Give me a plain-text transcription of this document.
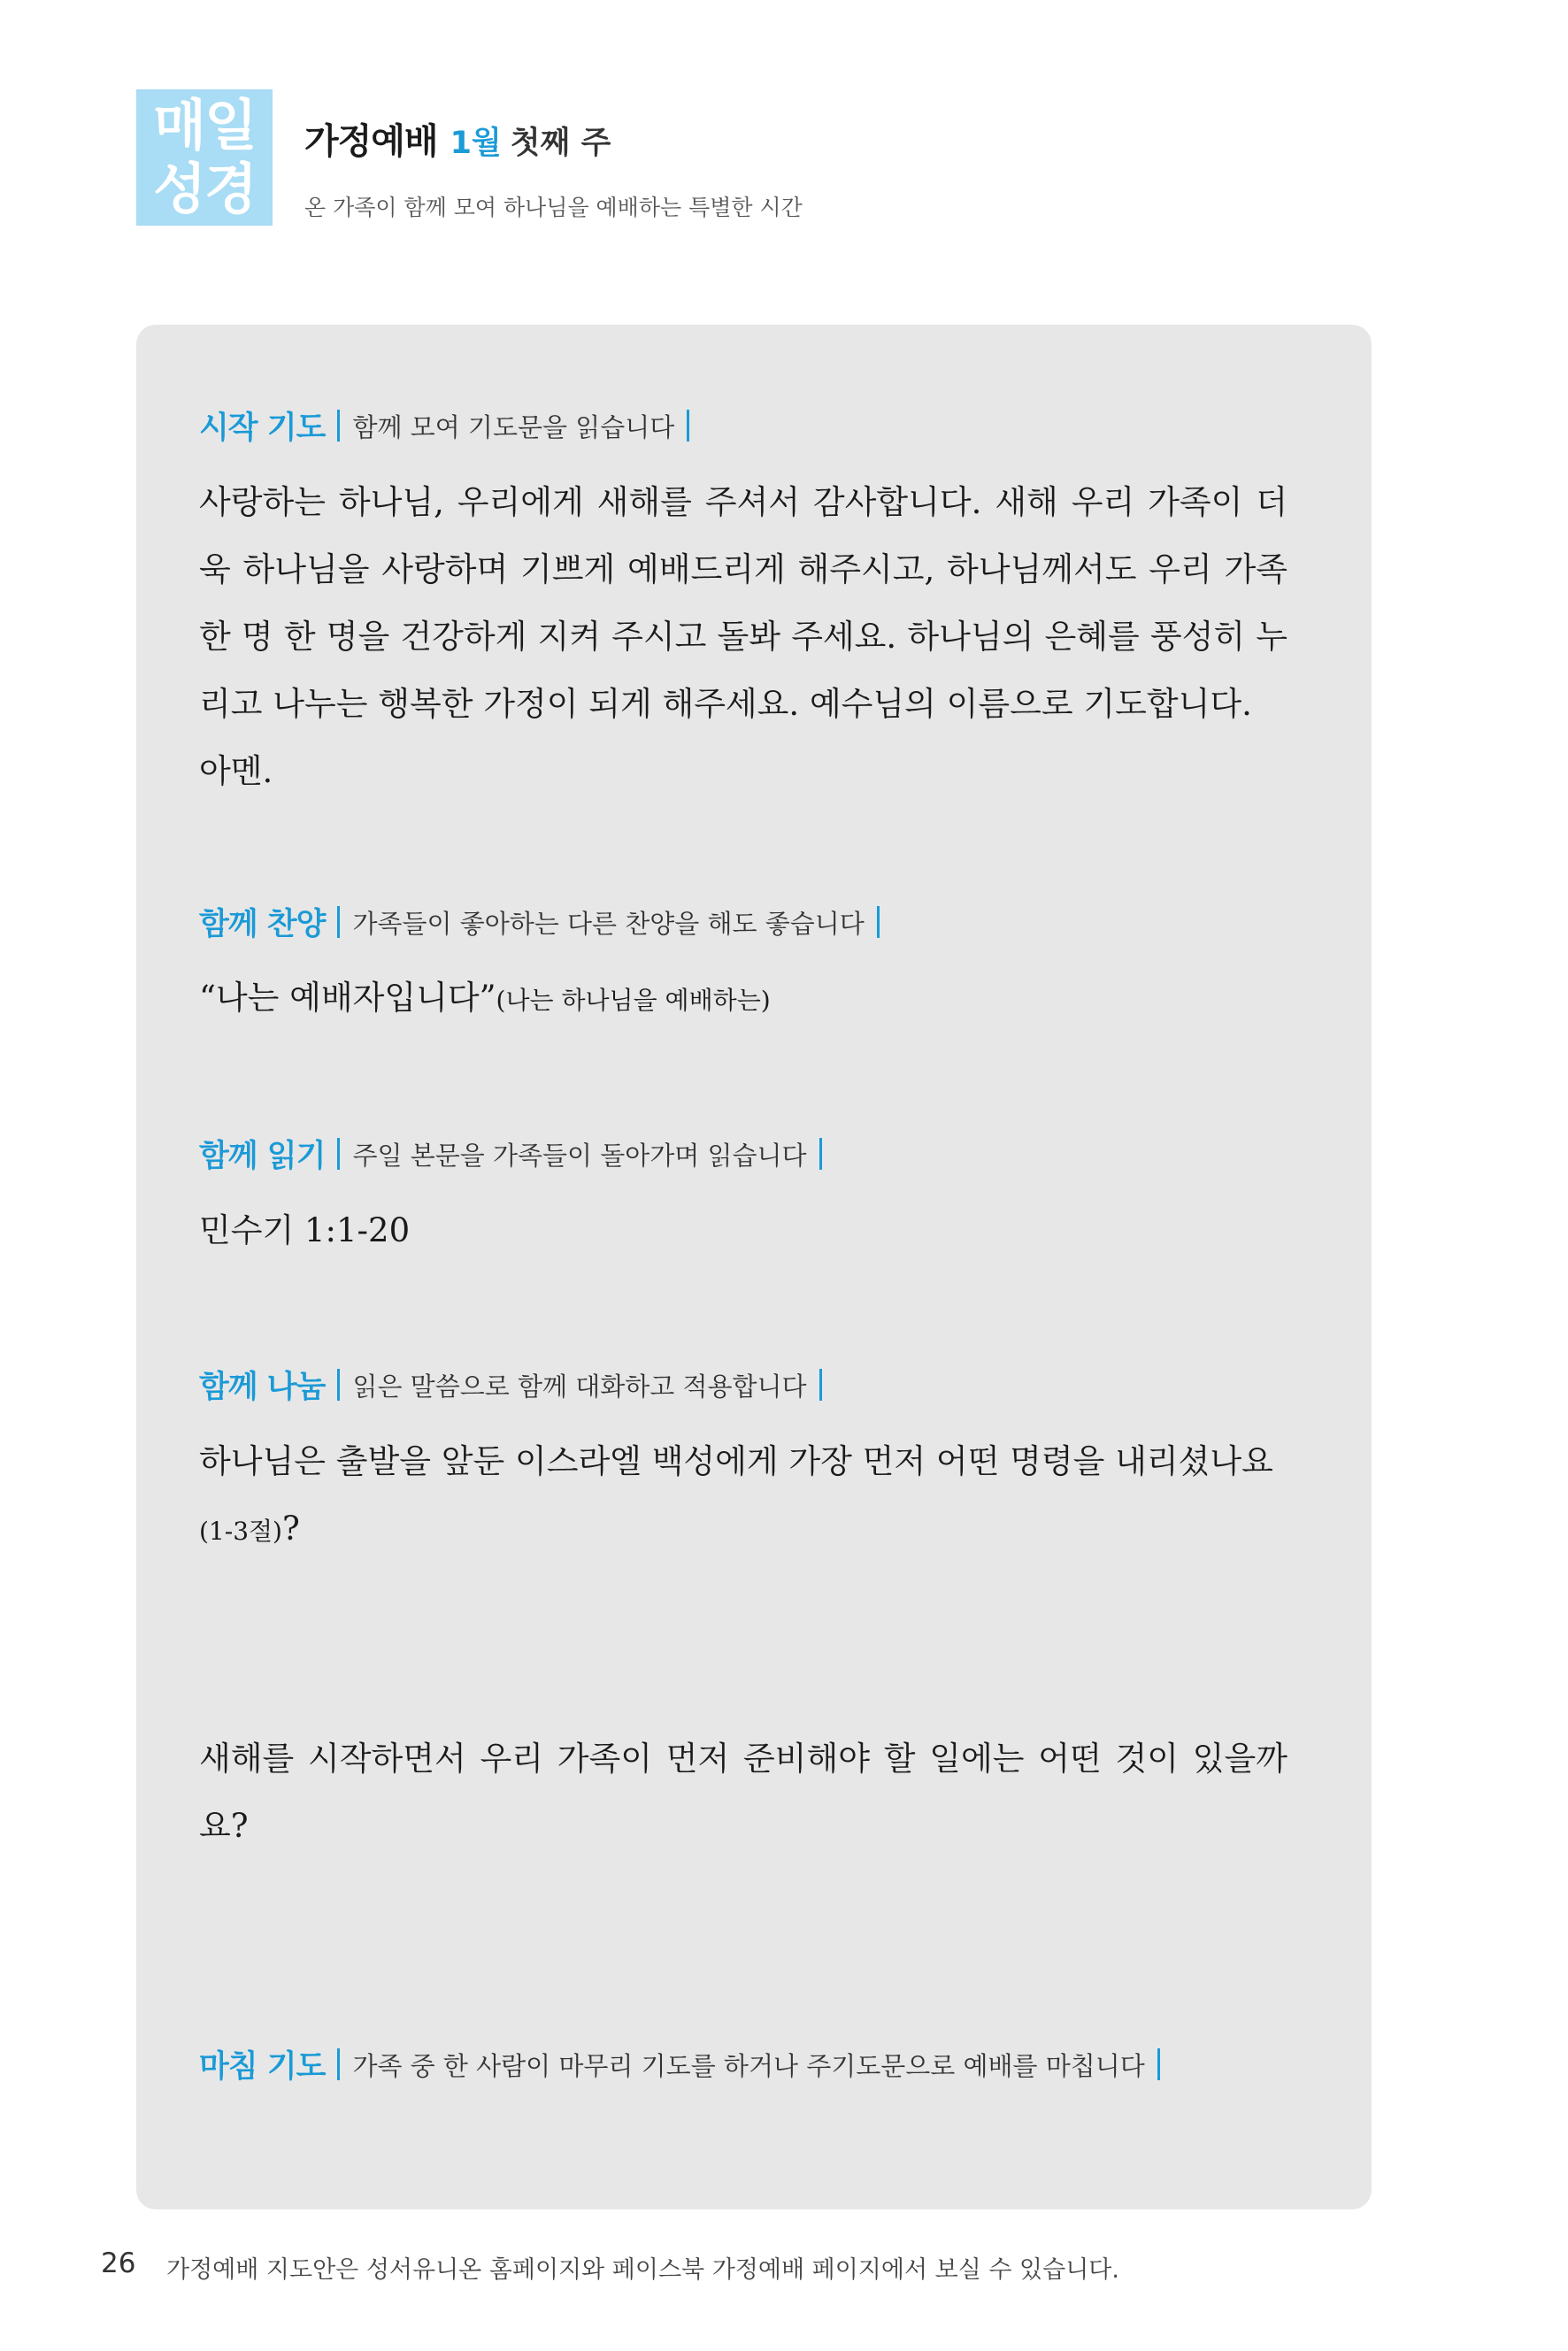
매일
성경
가정예배 1월 첫째 주
온 가족이 함께 모여 하나님을 예배하는 특별한 시간
시작 기도 함께 모여 기도문을 읽습니다
사랑하는 하나님, 우리에게 새해를 주셔서 감사합니다. 새해 우리 가족이 더욱 하나님을 사랑하며 기쁘게 예배드리게 해주시고, 하나님께서도 우리 가족 한 명 한 명을 건강하게 지켜 주시고 돌봐 주세요. 하나님의 은혜를 풍성히 누리고 나누는 행복한 가정이 되게 해주세요. 예수님의 이름으로 기도합니다.
아멘.
함께 찬양 가족들이 좋아하는 다른 찬양을 해도 좋습니다
“나는 예배자입니다”(나는 하나님을 예배하는)
함께 읽기 주일 본문을 가족들이 돌아가며 읽습니다
민수기 1:1-20
함께 나눔 읽은 말씀으로 함께 대화하고 적용합니다
하나님은 출발을 앞둔 이스라엘 백성에게 가장 먼저 어떤 명령을 내리셨나요
(1-3절)?
새해를 시작하면서 우리 가족이 먼저 준비해야 할 일에는 어떤 것이 있을까요?
마침 기도 가족 중 한 사람이 마무리 기도를 하거나 주기도문으로 예배를 마칩니다
26 가정예배 지도안은 성서유니온 홈페이지와 페이스북 가정예배 페이지에서 보실 수 있습니다.
